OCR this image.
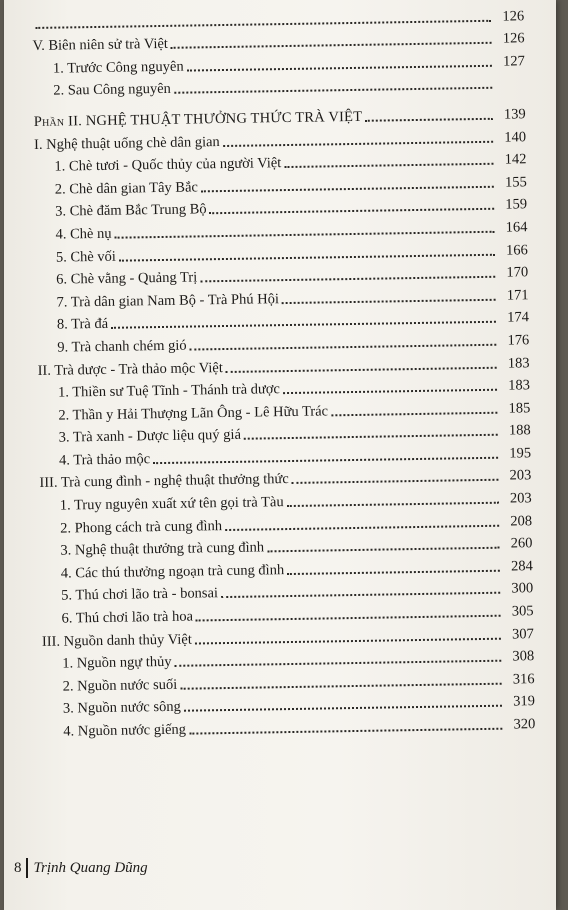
126
V. Biên niên sử trà Việt	126
1. Trước Công nguyên	127
2. Sau Công nguyên
Phần II. NGHỆ THUẬT THƯỞNG THỨC TRÀ VIỆT	139
I. Nghệ thuật uống chè dân gian	140
1. Chè tươi - Quốc thủy của người Việt	142
2. Chè dân gian Tây Bắc	155
3. Chè đăm Bắc Trung Bộ	159
4. Chè nụ	164
5. Chè vối	166
6. Chè vằng - Quảng Trị	170
7. Trà dân gian Nam Bộ - Trà Phú Hội	171
8. Trà đá	174
9. Trà chanh chém gió	176
II. Trà dược - Trà thảo mộc Việt	183
1. Thiền sư Tuệ Tĩnh - Thánh trà dược	183
2. Thần y Hải Thượng Lãn Ông - Lê Hữu Trác	185
3. Trà xanh - Dược liệu quý giá	188
4. Trà thảo mộc	195
III. Trà cung đình - nghệ thuật thưởng thức	203
1. Truy nguyên xuất xứ tên gọi trà Tàu	203
2. Phong cách trà cung đình	208
3. Nghệ thuật thưởng trà cung đình	260
4. Các thú thưởng ngoạn trà cung đình	284
5. Thú chơi lão trà - bonsai	300
6. Thú chơi lão trà hoa	305
III. Nguồn danh thủy Việt	307
1. Nguồn ngự thủy	308
2. Nguồn nước suối	316
3. Nguồn nước sông	319
4. Nguồn nước giếng	320
8 Trịnh Quang Dũng
